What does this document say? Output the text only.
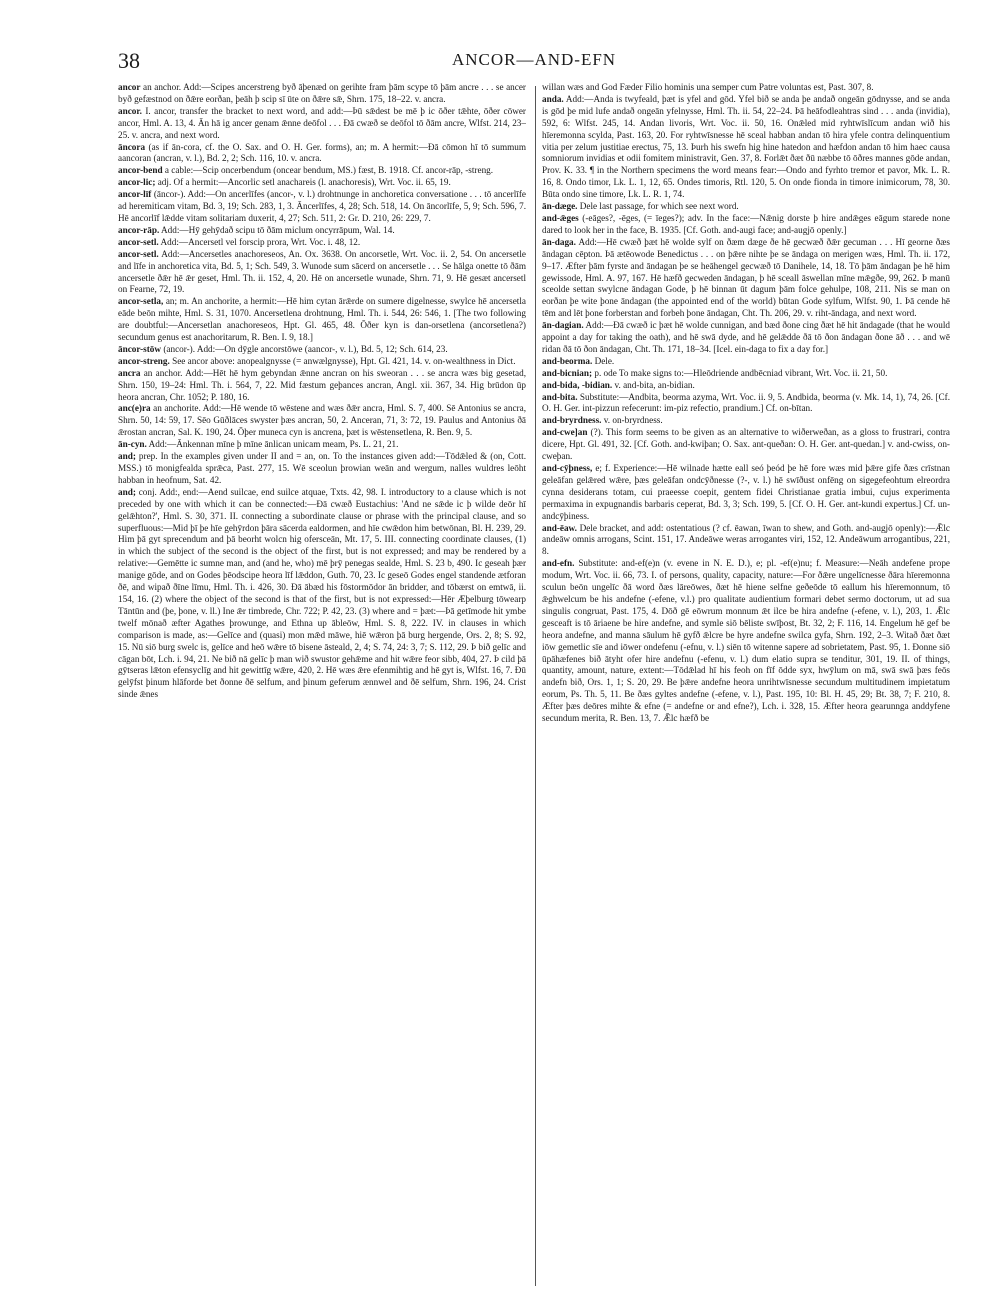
38	ANCOR—AND-EFN

ancor an anchor. Add:—Scipes ancerstreng byð āþenæd on gerihte fram þām scype tō þām ancre . . . se ancer byð gefæstnod on ðǣre eorðan, þeāh þ scip sī ūte on ðǣre sǣ, Shrn. 175, 18–22. v. ancra.

ancor. I. ancor, transfer the bracket to next word, and add:—Þū sǣdest be mē þ ic ōðer tǣhte, ōðer cōwer ancor, Hml. A. 13, 4. Ān hā ig ancer genam ǣnne deōfol . . . Ðā cwæð se deōfol tō ðām ancre, Wlfst. 214, 23–25. v. ancra, and next word.

āncora (as if ān-cora, cf. the O. Sax. and O. H. Ger. forms), an; m. A hermit:—Ðā cōmon hī tō summum aancoran (ancran, v. l.), Bd. 2, 2; Sch. 116, 10. v. ancra.

ancor-bend a cable:—Scip oncerbendum (oncear bendum, MS.) fæst, B. 1918. Cf. ancor-rāp, -streng.

ancor-lic; adj. Of a hermit:—Ancorlic setl anachareis (l. anachoresis), Wrt. Voc. ii. 65, 19.

ancor-līf (āncor-). Add:—On ancerlīfes (ancor-, v. l.) drohtnunge in anchoretica conversatione . . . tō ancerlīfe ad heremiticam vitam, Bd. 3, 19; Sch. 283, 1, 3. Āncerlīfes, 4, 28; Sch. 518, 14. On āncorlīfe, 5, 9; Sch. 596, 7. Hē ancorlīf lǣdde vitam solitariam duxerit, 4, 27; Sch. 511, 2: Gr. D. 210, 26: 229, 7.

ancor-rāp. Add:—Hȳ gehȳdað scipu tō ðām miclum oncyrrāpum, Wal. 14.

ancor-setl. Add:—Ancersetl vel forscip prora, Wrt. Voc. i. 48, 12.

ancor-setl. Add:—Ancersetles anachoreseos, An. Ox. 3638. On ancorsetle, Wrt. Voc. ii. 2, 54. On ancersetle and līfe in anchoretica vita, Bd. 5, 1; Sch. 549, 3. Wunode sum sācerd on ancersetle . . . Se hālga onette tō ðām ancersetle ðǣr hē ǣr geset, Hml. Th. ii. 152, 4, 20. Hē on ancersetle wunade, Shrn. 71, 9. Hē gesæt ancersetl on Fearne, 72, 19.

ancor-setla, an; m. An anchorite, a hermit:—Hē him cytan ārǣrde on sumere digelnesse, swylce hē ancersetla eāde beōn mihte, Hml. S. 31, 1070. Ancersetlena drohtnung, Hml. Th. i. 544, 26: 546, 1. [The two following are doubtful:—Ancersetlan anachoreseos, Hpt. Gl. 465, 48. Ōðer kyn is dan-orsetlena (ancorsetlena?) secundum genus est anachoritarum, R. Ben. I. 9, 18.]

āncor-stōw (ancor-). Add:—On dȳgle ancorstōwe (aancor-, v. l.), Bd. 5, 12; Sch. 614, 23.

ancor-streng. See ancor above: anopealgnysse (= anwælgnysse), Hpt. Gl. 421, 14. v. on-wealthness in Dict.

ancra an anchor. Add:—Hēt hē hym gebyndan ǣnne ancran on his sweoran . . . se ancra wæs big gesetad, Shrn. 150, 19–24: Hml. Th. i. 564, 7, 22. Mid fæstum geþances ancran, Angl. xii. 367, 34. Hig brūdon ūp heora ancran, Chr. 1052; P. 180, 16.

anc(e)ra an anchorite. Add:—Hē wende tō wēstene and wæs ðǣr ancra, Hml. S. 7, 400. Sē Antonius se ancra, Shrn. 50, 14: 59, 17. Sēo Gūðlāces swyster þæs ancran, 50, 2. Anceran, 71, 3: 72, 19. Paulus and Antonius ðā ǣrostan ancran, Sal. K. 190, 24. Ōþer muneca cyn is ancrena, þæt is wēstensetlena, R. Ben. 9, 5.

ān-cyn. Add:—Ānkennan mīne þ mīne ānlican unicam meam, Ps. L. 21, 21.

and; prep. In the examples given under II and = an, on. To the instances given add:—Tōdǣled & (on, Cott. MSS.) tō monigfealda sprǣca, Past. 277, 15. Wē sceolun þrowian weān and wergum, nalles wuldres leōht habban in heofnum, Sat. 42.

and; conj. Add:, end:—Aend suilcae, end suilce atquae, Txts. 42, 98. I. introductory to a clause which is not preceded by one with which it can be connected:—Ðā cwæð Eustachius: 'And ne sǣde ic þ wilde deōr hī gelǣhton?', Hml. S. 30, 371. II. connecting a subordinate clause or phrase with the principal clause, and so superfluous:—Mid þī þe hīe gehȳrdon þāra sācerda ealdormen, and hīe cwǣdon him betwōnan, Bl. H. 239, 29. Him þā gyt sprecendum and þā beorht wolcn hig ofersceān, Mt. 17, 5. III. connecting coordinate clauses, (1) in which the subject of the second is the object of the first, but is not expressed; and may be rendered by a relative:—Gemētte ic sumne man, and (and he, who) mē þrȳ penegas sealde, Hml. S. 23 b, 490. Ic geseah þær manige gōde, and on Godes þēodscipe heora līf lǣddon, Guth. 70, 23. Ic geseō Godes engel standende ætforan ðē, and wipað ðīne līmu, Hml. Th. i. 426, 30. Ðā ābæd his fōstormōdor ān bridder, and tōbærst on emtwā, ii. 154, 16. (2) where the object of the second is that of the first, but is not expressed:—Hēr Æþelburg tōwearp Tāntūn and (þe, þone, v. ll.) Ine ǣr timbrede, Chr. 722; P. 42, 23. (3) where and = þæt:—Þā getīmode hit ymbe twelf mōnað æfter Agathes þrowunge, and Ethna up ābleōw, Hml. S. 8, 222. IV. in clauses in which comparison is made, as:—Gelīce and (quasi) mon mǣd māwe, hiē wǣron þā burg hergende, Ors. 2, 8; S. 92, 15. Nū siō burg swelc is, gelīce and heō wǣre tō bisene āsteald, 2, 4; S. 74, 24: 3, 7; S. 112, 29. Þ bið gelīc and cāgan bōt, Lch. i. 94, 21. Ne bið nā gelīc þ man wið swustor gehǣme and hit wǣre feor sibb, 404, 27. Þ cild þā gȳtseras lǣton efensyclīg and hit gewittīg wǣre, 420, 2. Hē wæs ǣre efenmihtig and hē gyt is, Wlfst. 16, 7. Ðū gelȳfst þinum hlāforde bet ðonne ðē selfum, and þinum geferum ænnwel and ðē selfum, Shrn. 196, 24. Crist sinde ǣnes

willan wæs and God Fæder Filio hominis una semper cum Patre voluntas est, Past. 307, 8.

anda. Add:—Anda is twyfeald, þæt is yfel and gōd. Yfel bið se anda þe andað ongeān gōdnysse, and se anda is gōd þe mid lufe andað ongeān yfelnysse, Hml. Th. ii. 54, 22–24. Þā heāfodleahtras sind . . . anda (invidia), 592, 6: Wlfst. 245, 14. Andan livoris, Wrt. Voc. ii. 50, 16. Onǣled mid ryhtwīslīcum andan wið his hīeremonna scylda, Past. 163, 20. For ryhtwīsnesse hē sceal habban andan tō hira yfele contra delinquentium vitia per zelum justitiae erectus, 75, 13. Þurh his swefn hig hine hatedon and hæfdon andan tō him haec causa somniorum invidias et odii fomitem ministravit, Gen. 37, 8. Forlǣt ðæt ðū næbbe tō ōðres mannes gōde andan, Prov. K. 33. ¶ in the Northern specimens the word means fear:—Ondo and fyrhto tremor et pavor, Mk. L. R. 16, 8. Ondo timor, Lk. L. 1, 12, 65. Ondes timoris, Rtl. 120, 5. On onde fionda in timore inimicorum, 78, 30. Būta ondo sine timore, Lk. L. R. 1, 74.

ān-dæge. Dele last passage, for which see next word.

and-ǣges (-eāges?, -ēges, (= īeges?); adv. In the face:—Nǣnig dorste þ hire andǣges eāgum starede none dared to look her in the face, B. 1935. [Cf. Goth. and-augi face; and-augjō openly.]

ān-daga. Add:—Hē cwæð þæt hē wolde sylf on ðæm dæge ðe hē gecwæð ðǣr gecuman . . . Hī georne ðæs āndagan cēpton. Þā ætēowode Benedictus . . . on þǣre nihte þe se āndaga on merigen wæs, Hml. Th. ii. 172, 9–17. Æfter þām fyrste and āndagan þe se heāhengel gecwæð tō Danihele, 14, 18. Tō þām āndagan þe hē him gewissode, Hml. A. 97, 167. Hē hæfð gecweden āndagan, þ hē sceall āswellan mīne mǣgðe, 99, 262. Þ manū sceolde settan swylcne āndagan Gode, þ hē binnan ūt dagum þām folce gehulpe, 108, 211. Nis se man on eorðan þe wite þone āndagan (the appointed end of the world) būtan Gode sylfum, Wlfst. 90, 1. Þā cende hē tēm and lēt þone forberstan and forbeh þone āndagan, Cht. Th. 206, 29. v. riht-āndaga, and next word.

ān-dagian. Add:—Ðā cwæð ic þæt hē wolde cunnigan, and bæd ðone cing ðæt hē hit āndagade (that he would appoint a day for taking the oath), and hē swā dyde, and hē gelǣdde ðā tō ðon āndagan ðone āð . . . and wē ridan ðā tō ðon āndagan, Cht. Th. 171, 18–34. [Icel. ein-daga to fix a day for.]

and-beorma. Dele.

and-bicnian; p. ode To make signs to:—Hleōdriende andbēcniad vibrant, Wrt. Voc. ii. 21, 50.

and-bida, -bidian. v. and-bita, an-bidian.

and-bita. Substitute:—Andbita, beorma azyma, Wrt. Voc. ii. 9, 5. Andbida, beorma (v. Mk. 14, 1), 74, 26. [Cf. O. H. Ger. int-pizzun refecerunt: im-piz refectio, prandium.] Cf. on-bītan.

and-bryrdness. v. on-bryrdness.

and-cwe]an (?). This form seems to be given as an alternative to wiðerweðan, as a gloss to frustrari, contra dicere, Hpt. Gl. 491, 32. [Cf. Goth. and-kwiþan; O. Sax. ant-queðan: O. H. Ger. ant-quedan.] v. and-cwiss, on-cweþan.

and-cȳþness, e; f. Experience:—Hē wilnade hætte eall seó þeód þe hē fore wæs mid þǣre gife ðæs crīstnan geleāfan gelǣred wǣre, þæs geleāfan ondcȳðnesse (?-, v. l.) hē swīðust onfēng on sigegefeohtum elreordra cynna desiderans totam, cui praeesse coepit, gentem fidei Christianae gratia imbui, cujus experimenta permaxima in expugnandis barbaris ceperat, Bd. 3, 3; Sch. 199, 5. [Cf. O. H. Ger. ant-kundi expertus.] Cf. un-andcȳþiness.

and-ēaw. Dele bracket, and add: ostentatious (? cf. ēawan, īwan to shew, and Goth. and-augjō openly):—Ǣlc andeāw omnis arrogans, Scint. 151, 17. Andeāwe weras arrogantes viri, 152, 12. Andeāwum arrogantibus, 221, 8.

and-efn. Substitute: and-ef(e)n (v. evene in N. E. D.), e; pl. -ef(e)nu; f. Measure:—Neāh andefene prope modum, Wrt. Voc. ii. 66, 73. I. of persons, quality, capacity, nature:—For ðǣre ungelīcnesse ðāra hīeremonna sculun beōn ungelīc ðā word ðæs lāreōwes, ðæt hē hiene selfne geðeōde tō eallum his hīeremonnum, tō ǣghwelcum be his andefne (-efene, v.l.) pro qualitate audientium formari debet sermo doctorum, ut ad sua singulis congruat, Past. 175, 4. Dōð gē eōwrum monnum ǣt ilce be hira andefne (-efene, v. l.), 203, 1. Ǣlc gesceaft is tō āriaene be hire andefne, and symle siō bēliste swīþost, Bt. 32, 2; F. 116, 14. Engelum hē gef be heora andefne, and manna sāulum hē gyfð ǣlcre be hyre andefne swilca gyfa, Shrn. 192, 2–3. Witað ðæt ðæt iōw gemetlic sīe and iōwer ondefenu (-efnu, v. l.) siēn tō witenne sapere ad sobrietatem, Past. 95, 1. Ðonne siō ūpāhæfenes bið ātyht ofer hire andefnu (-efenu, v. l.) dum elatio supra se tenditur, 301, 19. II. of things, quantity, amount, nature, extent:—Tōdǣlad hī his feoh on fīf ōdde syx, hwȳlum on mā, swā swā þæs feōs andefn bið, Ors. 1, 1; S. 20, 29. Be þǣre andefne heora unrihtwīsnesse secundum multitudinem impietatum eorum, Ps. Th. 5, 11. Be ðæs gyltes andefne (-efene, v. l.), Past. 195, 10: Bl. H. 45, 29; Bt. 38, 7; F. 210, 8. Æfter þæs deōres mihte & efne (= andefne or and efne?), Lch. i. 328, 15. Æfter heora gearunnga anddyfene secundum merita, R. Ben. 13, 7. Ǣlc hæfð be
